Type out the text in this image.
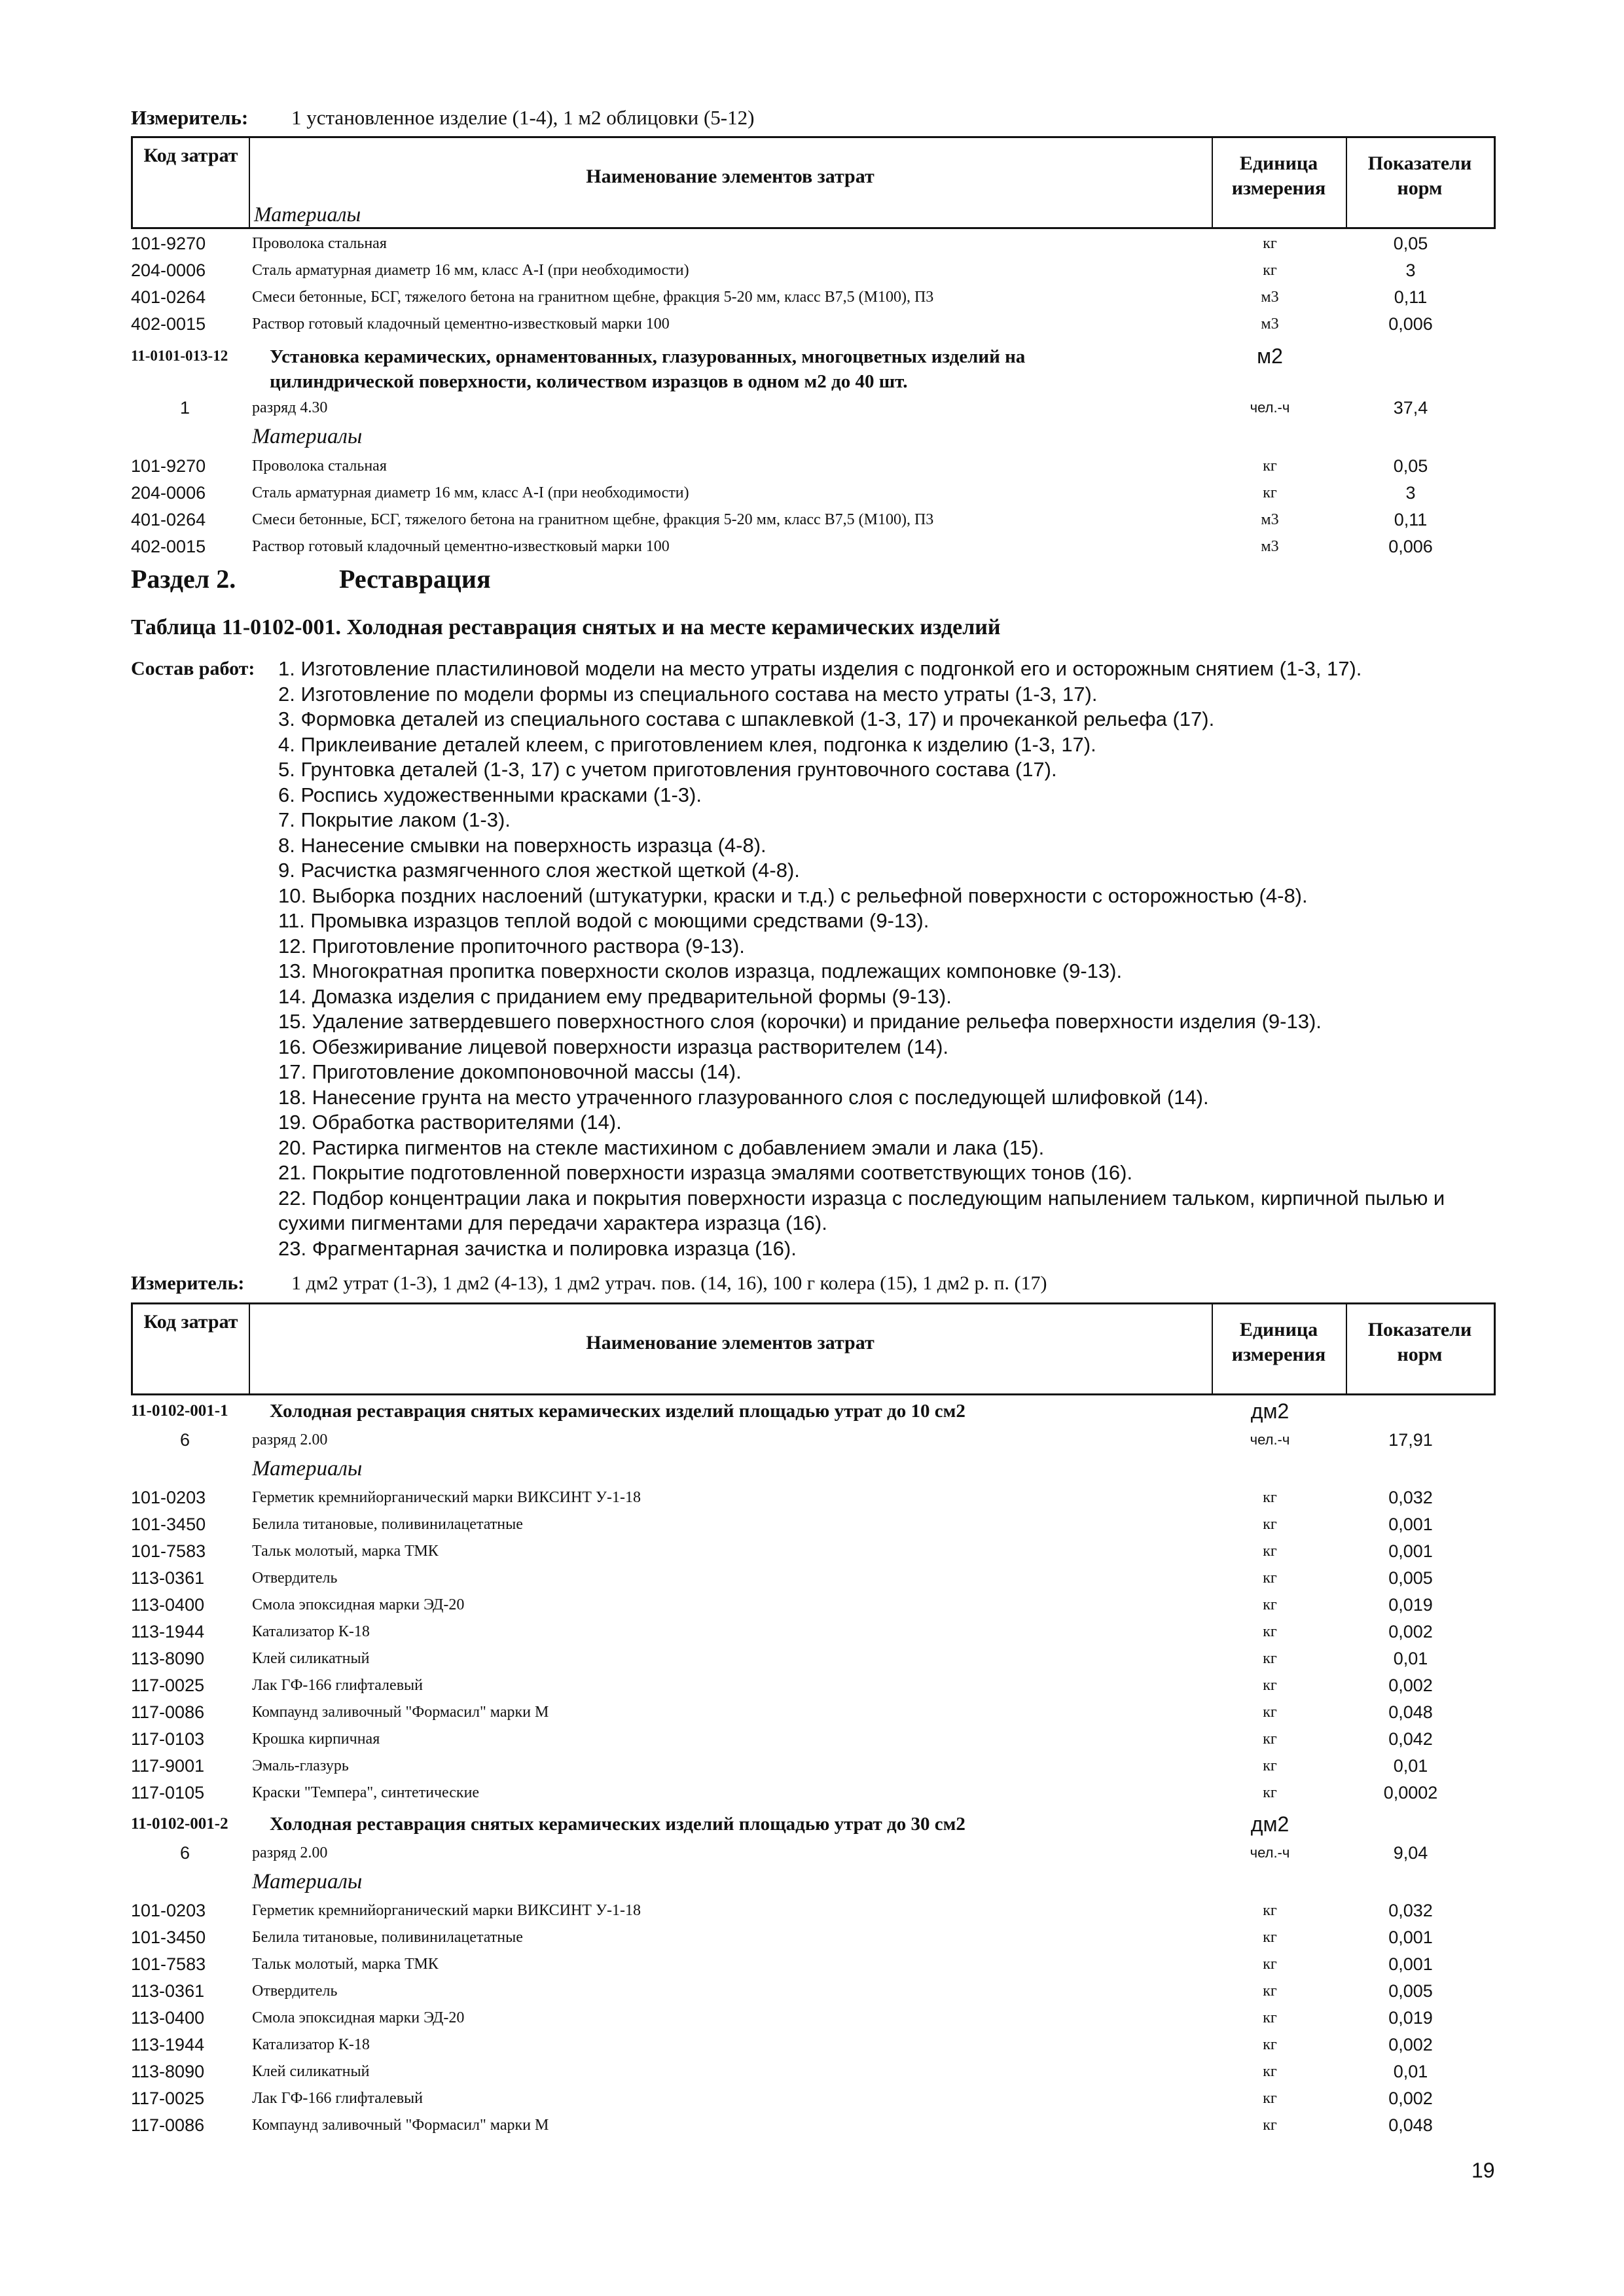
Измеритель: 1 установленное изделие (1-4), 1 м2 облицовки (5-12)
Код затрат
Наименование элементов затрат
Единица
измерения
Показатели
норм
Материалы
101-9270	Проволока стальная	кг	0,05
204-0006	Сталь арматурная диаметр 16 мм, класс А-I (при необходимости)	кг	3
401-0264	Смеси бетонные, БСГ, тяжелого бетона на гранитном щебне, фракция 5-20 мм, класс В7,5 (М100), П3	м3	0,11
402-0015	Раствор готовый кладочный цементно-известковый марки 100	м3	0,006
11-0101-013-12 Установка керамических, орнаментованных, глазурованных, многоцветных изделий на
цилиндрической поверхности, количеством изразцов в одном м2 до 40 шт.
м2
1	разряд 4.30	чел.-ч	37,4
Материалы
101-9270	Проволока стальная	кг	0,05
204-0006	Сталь арматурная диаметр 16 мм, класс А-I (при необходимости)	кг	3
401-0264	Смеси бетонные, БСГ, тяжелого бетона на гранитном щебне, фракция 5-20 мм, класс В7,5 (М100), П3	м3	0,11
402-0015	Раствор готовый кладочный цементно-известковый марки 100	м3	0,006
Раздел 2.	Реставрация
Таблица 11-0102-001. Холодная реставрация снятых и на месте керамических изделий
Состав работ: 1. Изготовление пластилиновой модели на место утраты изделия с подгонкой его и осторожным снятием (1-3, 17).
2. Изготовление по модели формы из специального состава на место утраты (1-3, 17).
3. Формовка деталей из специального состава с шпаклевкой (1-3, 17) и прочеканкой рельефа (17).
4. Приклеивание деталей клеем, с приготовлением клея, подгонка к изделию (1-3, 17).
5. Грунтовка деталей (1-3, 17) с учетом приготовления грунтовочного состава (17).
6. Роспись художественными красками (1-3).
7. Покрытие лаком (1-3).
8. Нанесение смывки на поверхность изразца (4-8).
9. Расчистка размягченного слоя жесткой щеткой (4-8).
10. Выборка поздних наслоений (штукатурки, краски и т.д.) с рельефной поверхности с осторожностью (4-8).
11. Промывка изразцов теплой водой с моющими средствами (9-13).
12. Приготовление пропиточного раствора (9-13).
13. Многократная пропитка поверхности сколов изразца, подлежащих компоновке (9-13).
14. Домазка изделия с приданием ему предварительной формы (9-13).
15. Удаление затвердевшего поверхностного слоя (корочки) и придание рельефа поверхности изделия (9-13).
16. Обезжиривание лицевой поверхности изразца растворителем (14).
17. Приготовление докомпоновочной массы (14).
18. Нанесение грунта на место утраченного глазурованного слоя с последующей шлифовкой (14).
19. Обработка растворителями (14).
20. Растирка пигментов на стекле мастихином с добавлением эмали и лака (15).
21. Покрытие подготовленной поверхности изразца эмалями соответствующих тонов (16).
22. Подбор концентрации лака и покрытия поверхности изразца с последующим напылением тальком, кирпичной пылью и
сухими пигментами для передачи характера изразца (16).
23. Фрагментарная зачистка и полировка изразца (16).
Измеритель: 1 дм2 утрат (1-3), 1 дм2 (4-13), 1 дм2 утрач. пов. (14, 16), 100 г колера (15), 1 дм2 р. п. (17)
Код затрат
Наименование элементов затрат
Единица
измерения
Показатели
норм
11-0102-001-1 Холодная реставрация снятых керамических изделий площадью утрат до 10 см2	дм2
6	разряд 2.00	чел.-ч	17,91
Материалы
101-0203	Герметик кремнийорганический марки ВИКСИНТ У-1-18	кг	0,032
101-3450	Белила титановые, поливинилацетатные	кг	0,001
101-7583	Тальк молотый, марка ТМК	кг	0,001
113-0361	Отвердитель	кг	0,005
113-0400	Смола эпоксидная марки ЭД-20	кг	0,019
113-1944	Катализатор К-18	кг	0,002
113-8090	Клей силикатный	кг	0,01
117-0025	Лак ГФ-166 глифталевый	кг	0,002
117-0086	Компаунд заливочный "Формасил" марки М	кг	0,048
117-0103	Крошка кирпичная	кг	0,042
117-9001	Эмаль-глазурь	кг	0,01
117-0105	Краски "Темпера", синтетические	кг	0,0002
11-0102-001-2 Холодная реставрация снятых керамических изделий площадью утрат до 30 см2	дм2
6	разряд 2.00	чел.-ч	9,04
Материалы
101-0203	Герметик кремнийорганический марки ВИКСИНТ У-1-18	кг	0,032
101-3450	Белила титановые, поливинилацетатные	кг	0,001
101-7583	Тальк молотый, марка ТМК	кг	0,001
113-0361	Отвердитель	кг	0,005
113-0400	Смола эпоксидная марки ЭД-20	кг	0,019
113-1944	Катализатор К-18	кг	0,002
113-8090	Клей силикатный	кг	0,01
117-0025	Лак ГФ-166 глифталевый	кг	0,002
117-0086	Компаунд заливочный "Формасил" марки М	кг	0,048
19
